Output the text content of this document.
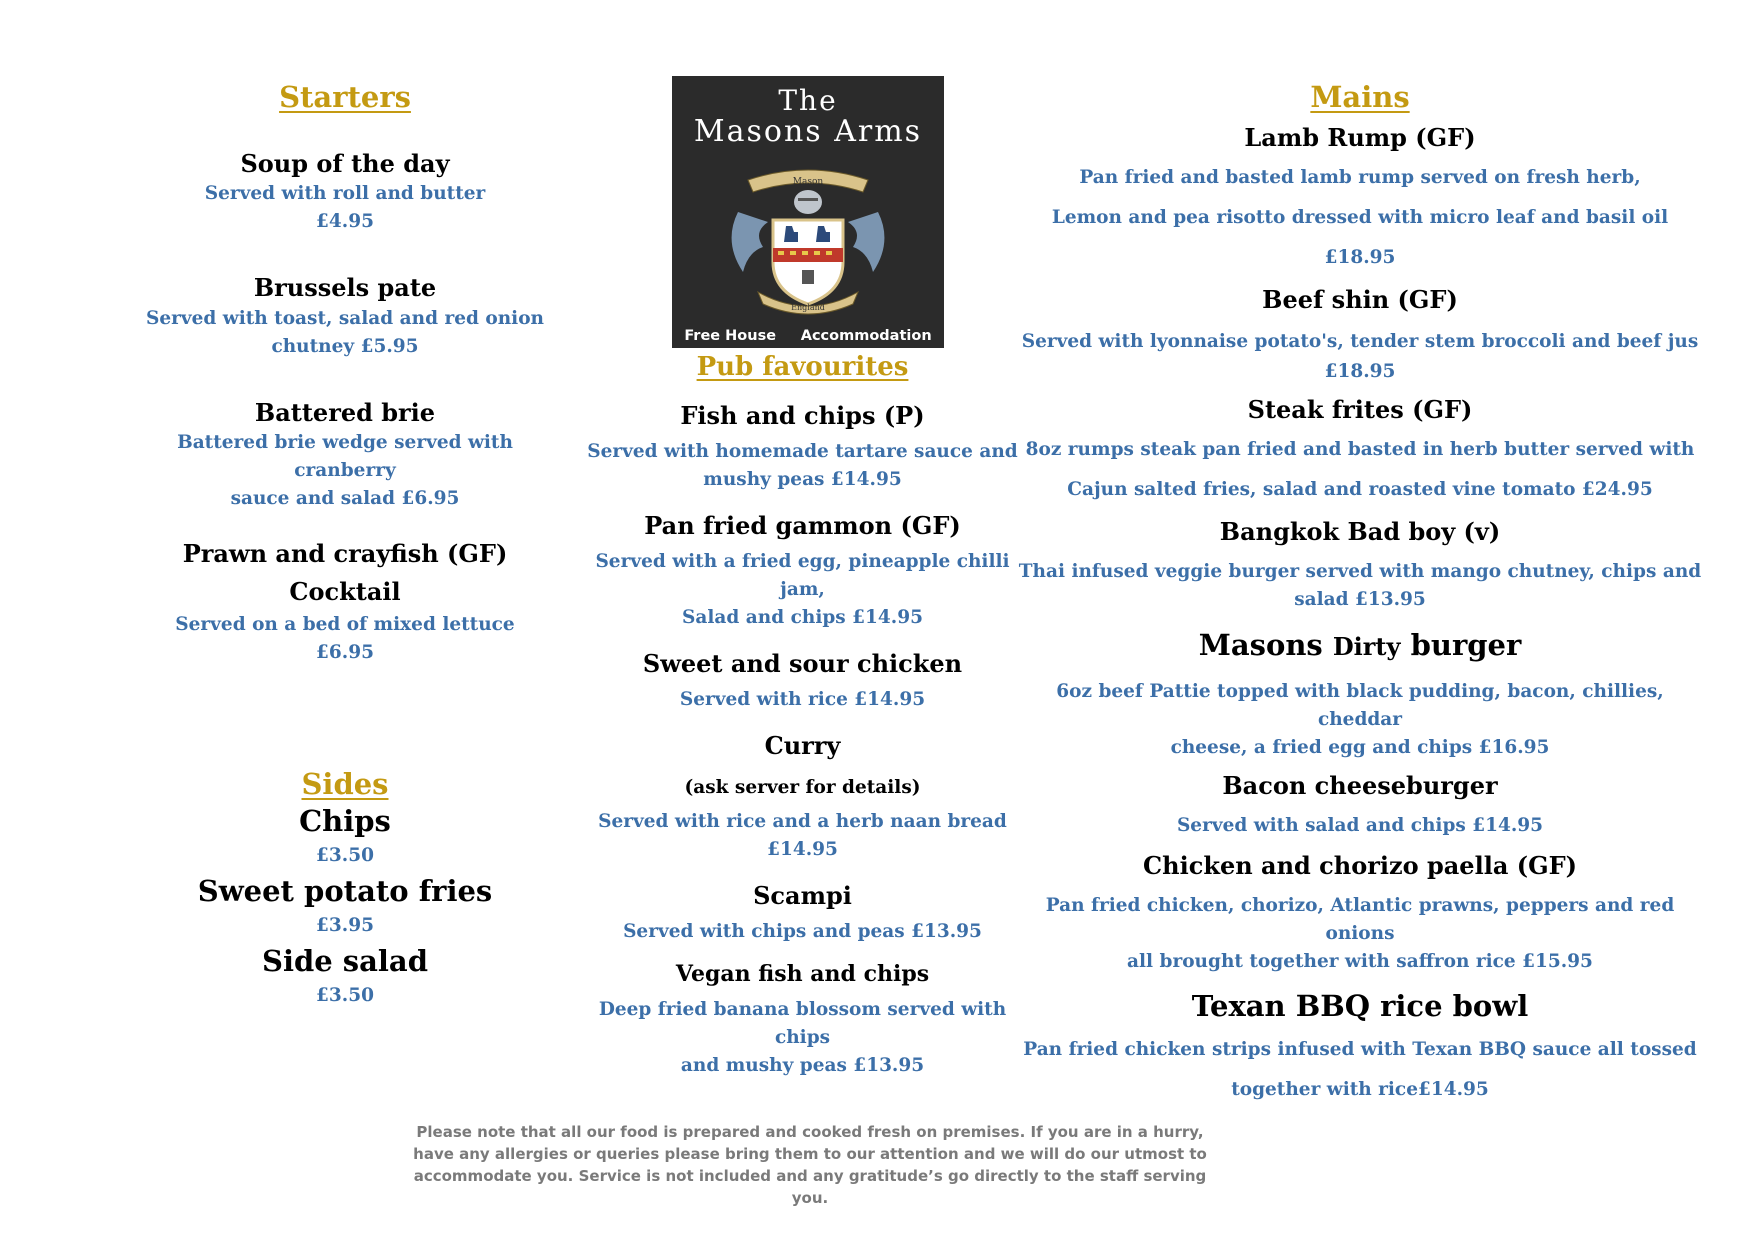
Starters
Soup of the day
Served with roll and butter
£4.95
Brussels pate
Served with toast, salad and red onion
chutney £5.95
Battered brie
Battered brie wedge served with cranberry
sauce and salad £6.95
Prawn and crayfish (GF)
Cocktail
Served on a bed of mixed lettuce
£6.95
Sides
Chips
£3.50
Sweet potato fries
£3.95
Side salad
£3.50
The
Masons Arms
Mason
England
Free House Accommodation
Pub favourites
Fish and chips (P)
Served with homemade tartare sauce and
mushy peas £14.95
Pan fried gammon (GF)
Served with a fried egg, pineapple chilli jam,
Salad and chips £14.95
Sweet and sour chicken
Served with rice £14.95
Curry
(ask server for details)
Served with rice and a herb naan bread
£14.95
Scampi
Served with chips and peas £13.95
Vegan fish and chips
Deep fried banana blossom served with chips
and mushy peas £13.95
Mains
Lamb Rump (GF)
Pan fried and basted lamb rump served on fresh herb,
Lemon and pea risotto dressed with micro leaf and basil oil £18.95
Beef shin (GF)
Served with lyonnaise potato's, tender stem broccoli and beef jus
£18.95
Steak frites (GF)
8oz rumps steak pan fried and basted in herb butter served with
Cajun salted fries, salad and roasted vine tomato £24.95
Bangkok Bad boy (v)
Thai infused veggie burger served with mango chutney, chips and
salad £13.95
Masons Dirty burger
6oz beef Pattie topped with black pudding, bacon, chillies, cheddar
cheese, a fried egg and chips £16.95
Bacon cheeseburger
Served with salad and chips £14.95
Chicken and chorizo paella (GF)
Pan fried chicken, chorizo, Atlantic prawns, peppers and red onions
all brought together with saffron rice £15.95
Texan BBQ rice bowl
Pan fried chicken strips infused with Texan BBQ sauce all tossed
together with rice£14.95
Please note that all our food is prepared and cooked fresh on premises. If you are in a hurry,
have any allergies or queries please bring them to our attention and we will do our utmost to
accommodate you. Service is not included and any gratitude’s go directly to the staff serving
you.
